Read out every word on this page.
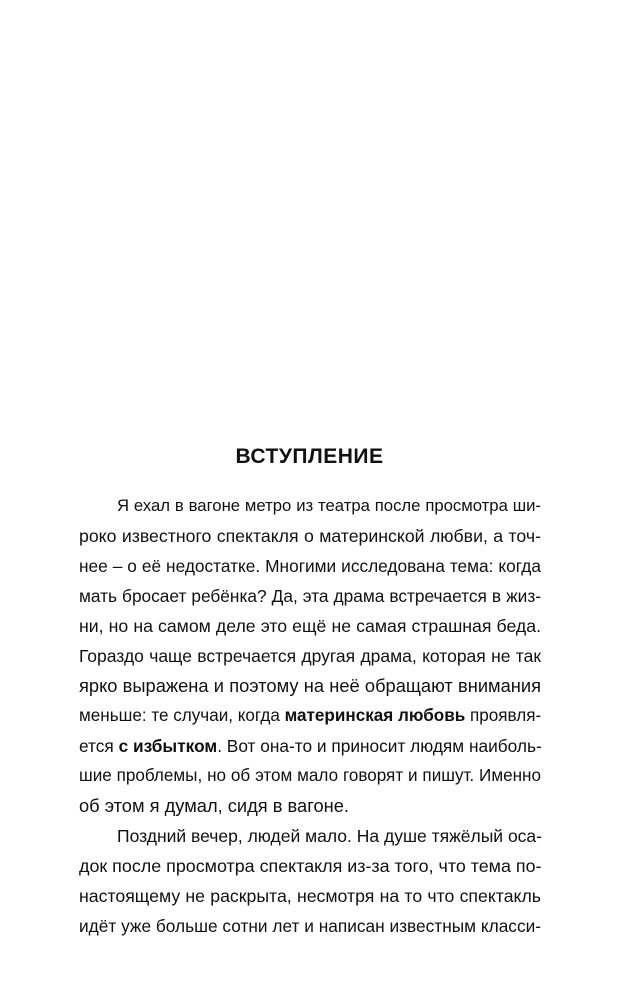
ВСТУПЛЕНИЕ
Я ехал в вагоне метро из театра после просмотра ши-
роко известного спектакля о материнской любви, а точ-
нее – о её недостатке. Многими исследована тема: когда
мать бросает ребёнка? Да, эта драма встречается в жиз-
ни, но на самом деле это ещё не самая страшная беда.
Гораздо чаще встречается другая драма, которая не так
ярко выражена и поэтому на неё обращают внимания
меньше: те случаи, когда материнская любовь проявля-
ется с избытком. Вот она-то и приносит людям наиболь-
шие проблемы, но об этом мало говорят и пишут. Именно
об этом я думал, сидя в вагоне.
Поздний вечер, людей мало. На душе тяжёлый оса-
док после просмотра спектакля из-за того, что тема по-
настоящему не раскрыта, несмотря на то что спектакль
идёт уже больше сотни лет и написан известным класси-
